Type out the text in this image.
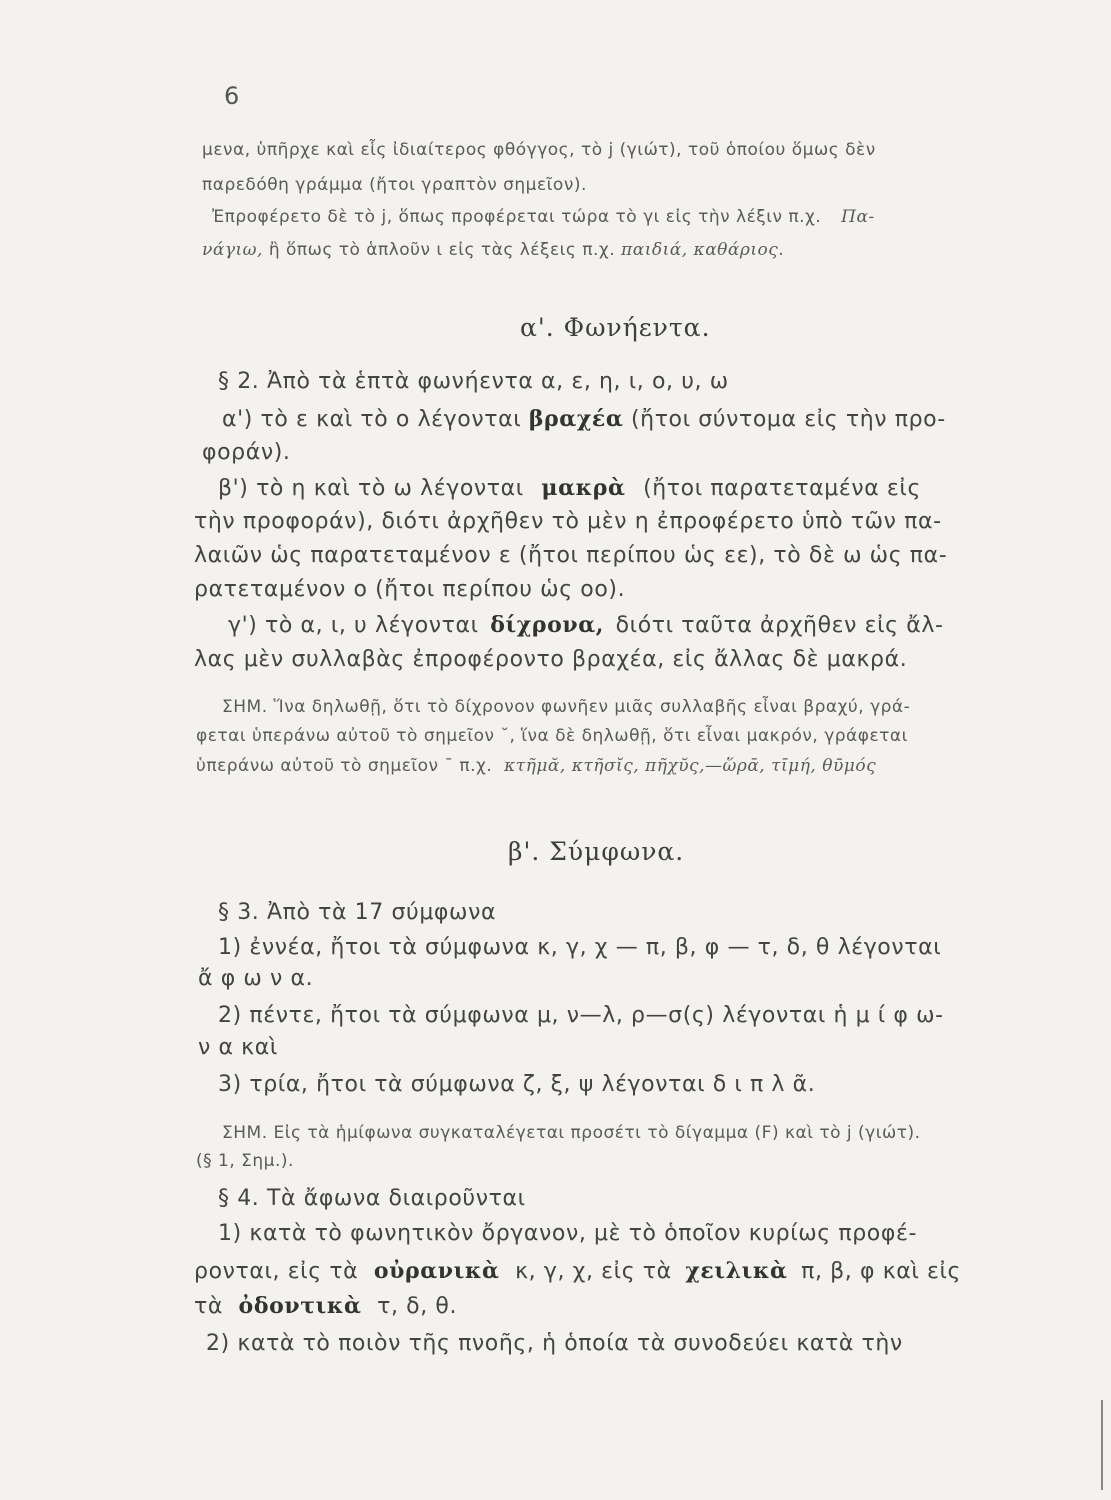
6
μενα, ὑπῆρχε καὶ εἷς ἰδιαίτερος φθόγγος, τὸ j (γιώτ), τοῦ ὁποίου ὅμως δὲν
παρεδόθη γράμμα (ἤτοι γραπτὸν σημεῖον).
Ἐπροφέρετο δὲ τὸ j, ὅπως προφέρεται τώρα τὸ γι εἰς τὴν λέξιν π.χ. Πα-
νάγιω, ἢ ὅπως τὸ ἁπλοῦν ι εἰς τὰς λέξεις π.χ. παιδιά, καθάριος.
α'. Φωνήεντα.
§ 2. Ἀπὸ τὰ ἑπτὰ φωνήεντα α, ε, η, ι, ο, υ, ω
α') τὸ ε καὶ τὸ ο λέγονται βραχέα (ἤτοι σύντομα εἰς τὴν προ-
φοράν).
β') τὸ η καὶ τὸ ω λέγονται μακρὰ (ἤτοι παρατεταμένα εἰς
τὴν προφοράν), διότι ἀρχῆθεν τὸ μὲν η ἐπροφέρετο ὑπὸ τῶν πα-
λαιῶν ὡς παρατεταμένον ε (ἤτοι περίπου ὡς εε), τὸ δὲ ω ὡς πα-
ρατεταμένον ο (ἤτοι περίπου ὡς οο).
γ') τὸ α, ι, υ λέγονται δίχρονα, διότι ταῦτα ἀρχῆθεν εἰς ἄλ-
λας μὲν συλλαβὰς ἐπροφέροντο βραχέα, εἰς ἄλλας δὲ μακρά.
ΣΗΜ. Ἵνα δηλωθῇ, ὅτι τὸ δίχρονον φωνῆεν μιᾶς συλλαβῆς εἶναι βραχύ, γρά-
φεται ὑπεράνω αὐτοῦ τὸ σημεῖον ˘, ἵνα δὲ δηλωθῇ, ὅτι εἶναι μακρόν, γράφεται
ὑπεράνω αὐτοῦ τὸ σημεῖον ¯ π.χ. κτῆμᾰ, κτῆσῐς, πῆχῠς,—ὥρᾱ, τῑμή, θῡμός
β'. Σύμφωνα.
§ 3. Ἀπὸ τὰ 17 σύμφωνα
1) ἐννέα, ἤτοι τὰ σύμφωνα κ, γ, χ — π, β, φ — τ, δ, θ λέγονται
ἄ φ ω ν α.
2) πέντε, ἤτοι τὰ σύμφωνα μ, ν—λ, ρ—σ(ς) λέγονται ἡ μ ί φ ω-
ν α καὶ
3) τρία, ἤτοι τὰ σύμφωνα ζ, ξ, ψ λέγονται δ ι π λ ᾶ.
ΣΗΜ. Εἰς τὰ ἡμίφωνα συγκαταλέγεται προσέτι τὸ δίγαμμα (F) καὶ τὸ j (γιώτ).
(§ 1, Σημ.).
§ 4. Τὰ ἄφωνα διαιροῦνται
1) κατὰ τὸ φωνητικὸν ὄργανον, μὲ τὸ ὁποῖον κυρίως προφέ-
ρονται, εἰς τὰ οὐρανικὰ κ, γ, χ, εἰς τὰ χειλικὰ π, β, φ καὶ εἰς
τὰ ὀδοντικὰ τ, δ, θ.
2) κατὰ τὸ ποιὸν τῆς πνοῆς, ἡ ὁποία τὰ συνοδεύει κατὰ τὴν
